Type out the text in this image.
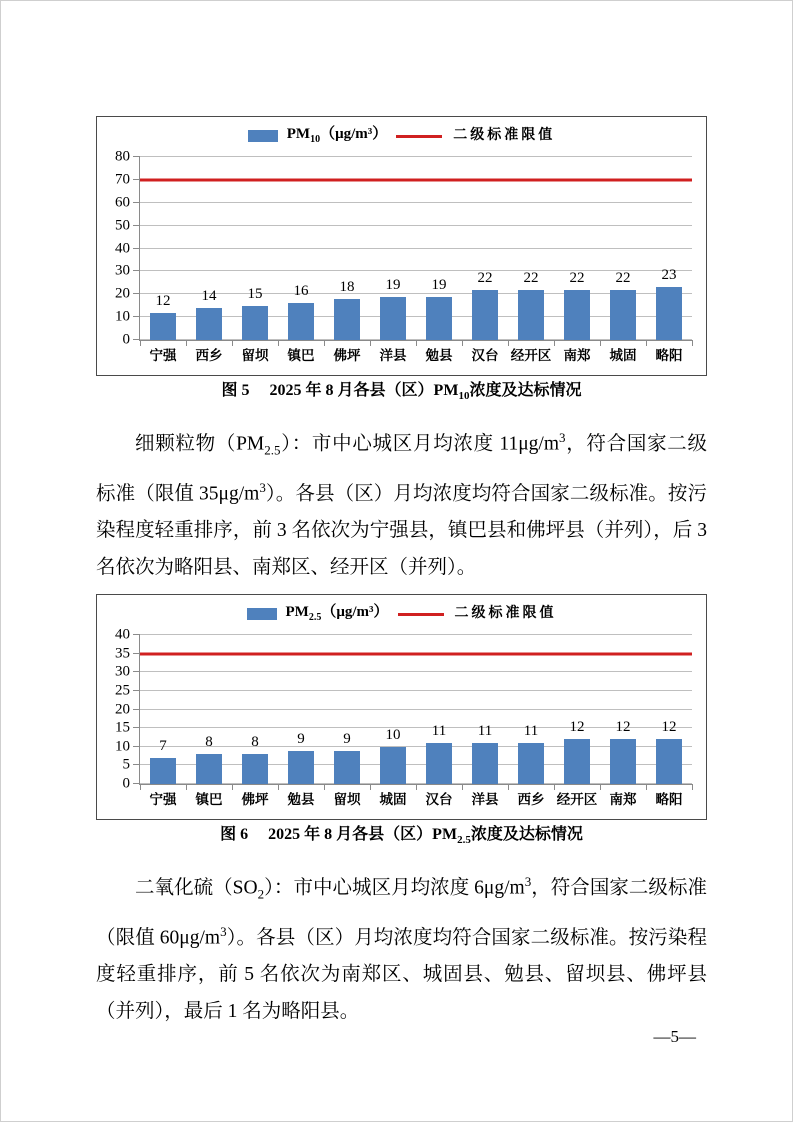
$PM_{10}(\mu g/m^3)$	二级标准限值
0
10
20
30
40
50
60
70
80
12
宁强
14
西乡
15
留坝
16
镇巴
18
佛坪
19
洋县
19
勉县
22
汉台
22
经开区
22
南郑
22
城固
23
略阳
图 5　 2025 年 8 月各县（区）$PM_{10}$浓度及达标情况

细颗粒物$(PM_{2.5})$：市中心城区月均浓度 $11\mu g/m^3$，符合国家二级标准（限值 $35\mu g/m^3$）。各县（区）月均浓度均符合国家二级标准。按污染程度轻重排序，前 3 名依次为宁强县，镇巴县和佛坪县（并列），后 3 名依次为略阳县、南郑区、经开区（并列）。

$PM_{2.5}(\mu g/m^3)$	二级标准限值
0
5
10
15
20
25
30
35
40
7
宁强
8
镇巴
8
佛坪
9
勉县
9
留坝
10
城固
11
汉台
11
洋县
11
西乡
12
经开区
12
南郑
12
略阳
图 6　 2025 年 8 月各县（区）$PM_{2.5}$浓度及达标情况

二氧化硫$(SO_2)$：市中心城区月均浓度 $6\mu g/m^3$，符合国家二级标准（限值 $60\mu g/m^3$）。各县（区）月均浓度均符合国家二级标准。按污染程度轻重排序，前 5 名依次为南郑区、城固县、勉县、留坝县、佛坪县（并列），最后 1 名为略阳县。

—5—
